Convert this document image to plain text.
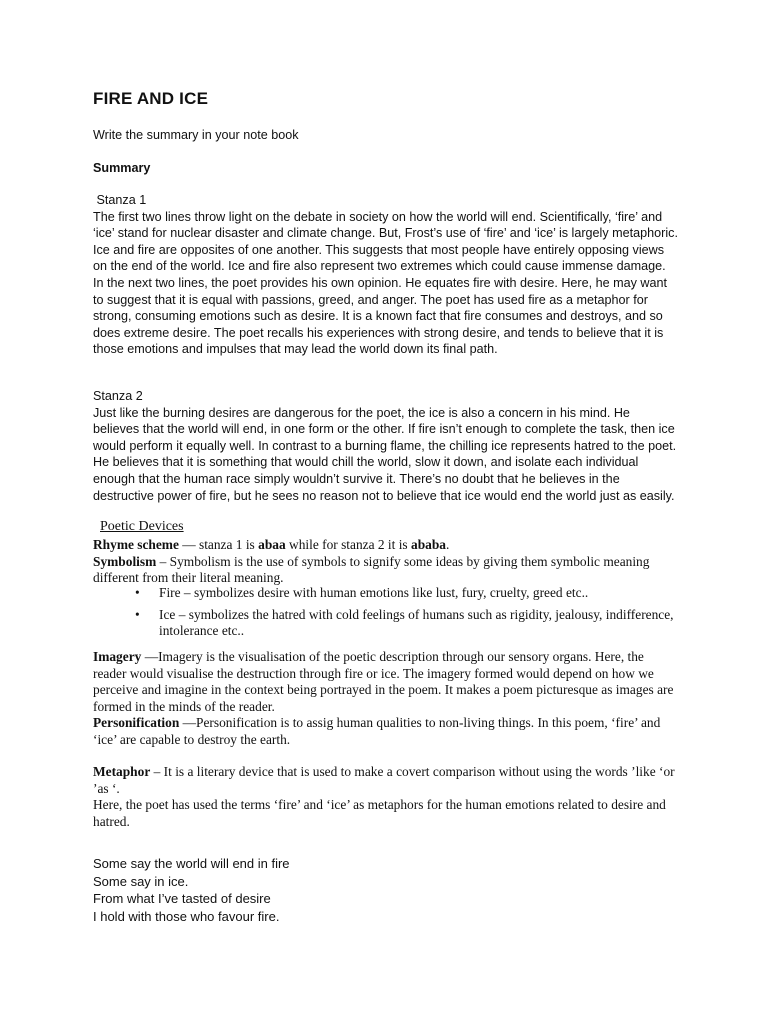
FIRE AND ICE
Write the summary in your note book
Summary

Stanza 1

The first two lines throw light on the debate in society on how the world will end. Scientifically, ‘fire’ and ‘ice’ stand for nuclear disaster and climate change. But, Frost’s use of ‘fire’ and ‘ice’ is largely metaphoric. Ice and fire are opposites of one another. This suggests that most people have entirely opposing views on the end of the world. Ice and fire also represent two extremes which could cause immense damage.

In the next two lines, the poet provides his own opinion. He equates fire with desire. Here, he may want to suggest that it is equal with passions, greed, and anger. The poet has used fire as a metaphor for strong, consuming emotions such as desire. It is a known fact that fire consumes and destroys, and so does extreme desire. The poet recalls his experiences with strong desire, and tends to believe that it is those emotions and impulses that may lead the world down its final path.

Stanza 2

Just like the burning desires are dangerous for the poet, the ice is also a concern in his mind. He believes that the world will end, in one form or the other. If fire isn’t enough to complete the task, then ice would perform it equally well. In contrast to a burning flame, the chilling ice represents hatred to the poet. He believes that it is something that would chill the world, slow it down, and isolate each individual enough that the human race simply wouldn’t survive it. There’s no doubt that he believes in the destructive power of fire, but he sees no reason not to believe that ice would end the world just as easily.

Poetic Devices

Rhyme scheme — stanza 1 is abaa while for stanza 2 it is ababa.

Symbolism – Symbolism is the use of symbols to signify some ideas by giving them symbolic meaning different from their literal meaning.

• Fire – symbolizes desire with human emotions like lust, fury, cruelty, greed etc..
• Ice – symbolizes the hatred with cold feelings of humans such as rigidity, jealousy, indifference, intolerance etc..

Imagery —Imagery is the visualisation of the poetic description through our sensory organs. Here, the reader would visualise the destruction through fire or ice. The imagery formed would depend on how we perceive and imagine in the context being portrayed in the poem. It makes a poem picturesque as images are formed in the minds of the reader.

Personification —Personification is to assig human qualities to non-living things. In this poem, ‘fire’ and ‘ice’ are capable to destroy the earth.

Metaphor – It is a literary device that is used to make a covert comparison without using the words ’like ‘or ’as ‘.

Here, the poet has used the terms ‘fire’ and ‘ice’ as metaphors for the human emotions related to desire and hatred.

Some say the world will end in fire

Some say in ice.

From what I’ve tasted of desire

I hold with those who favour fire.
